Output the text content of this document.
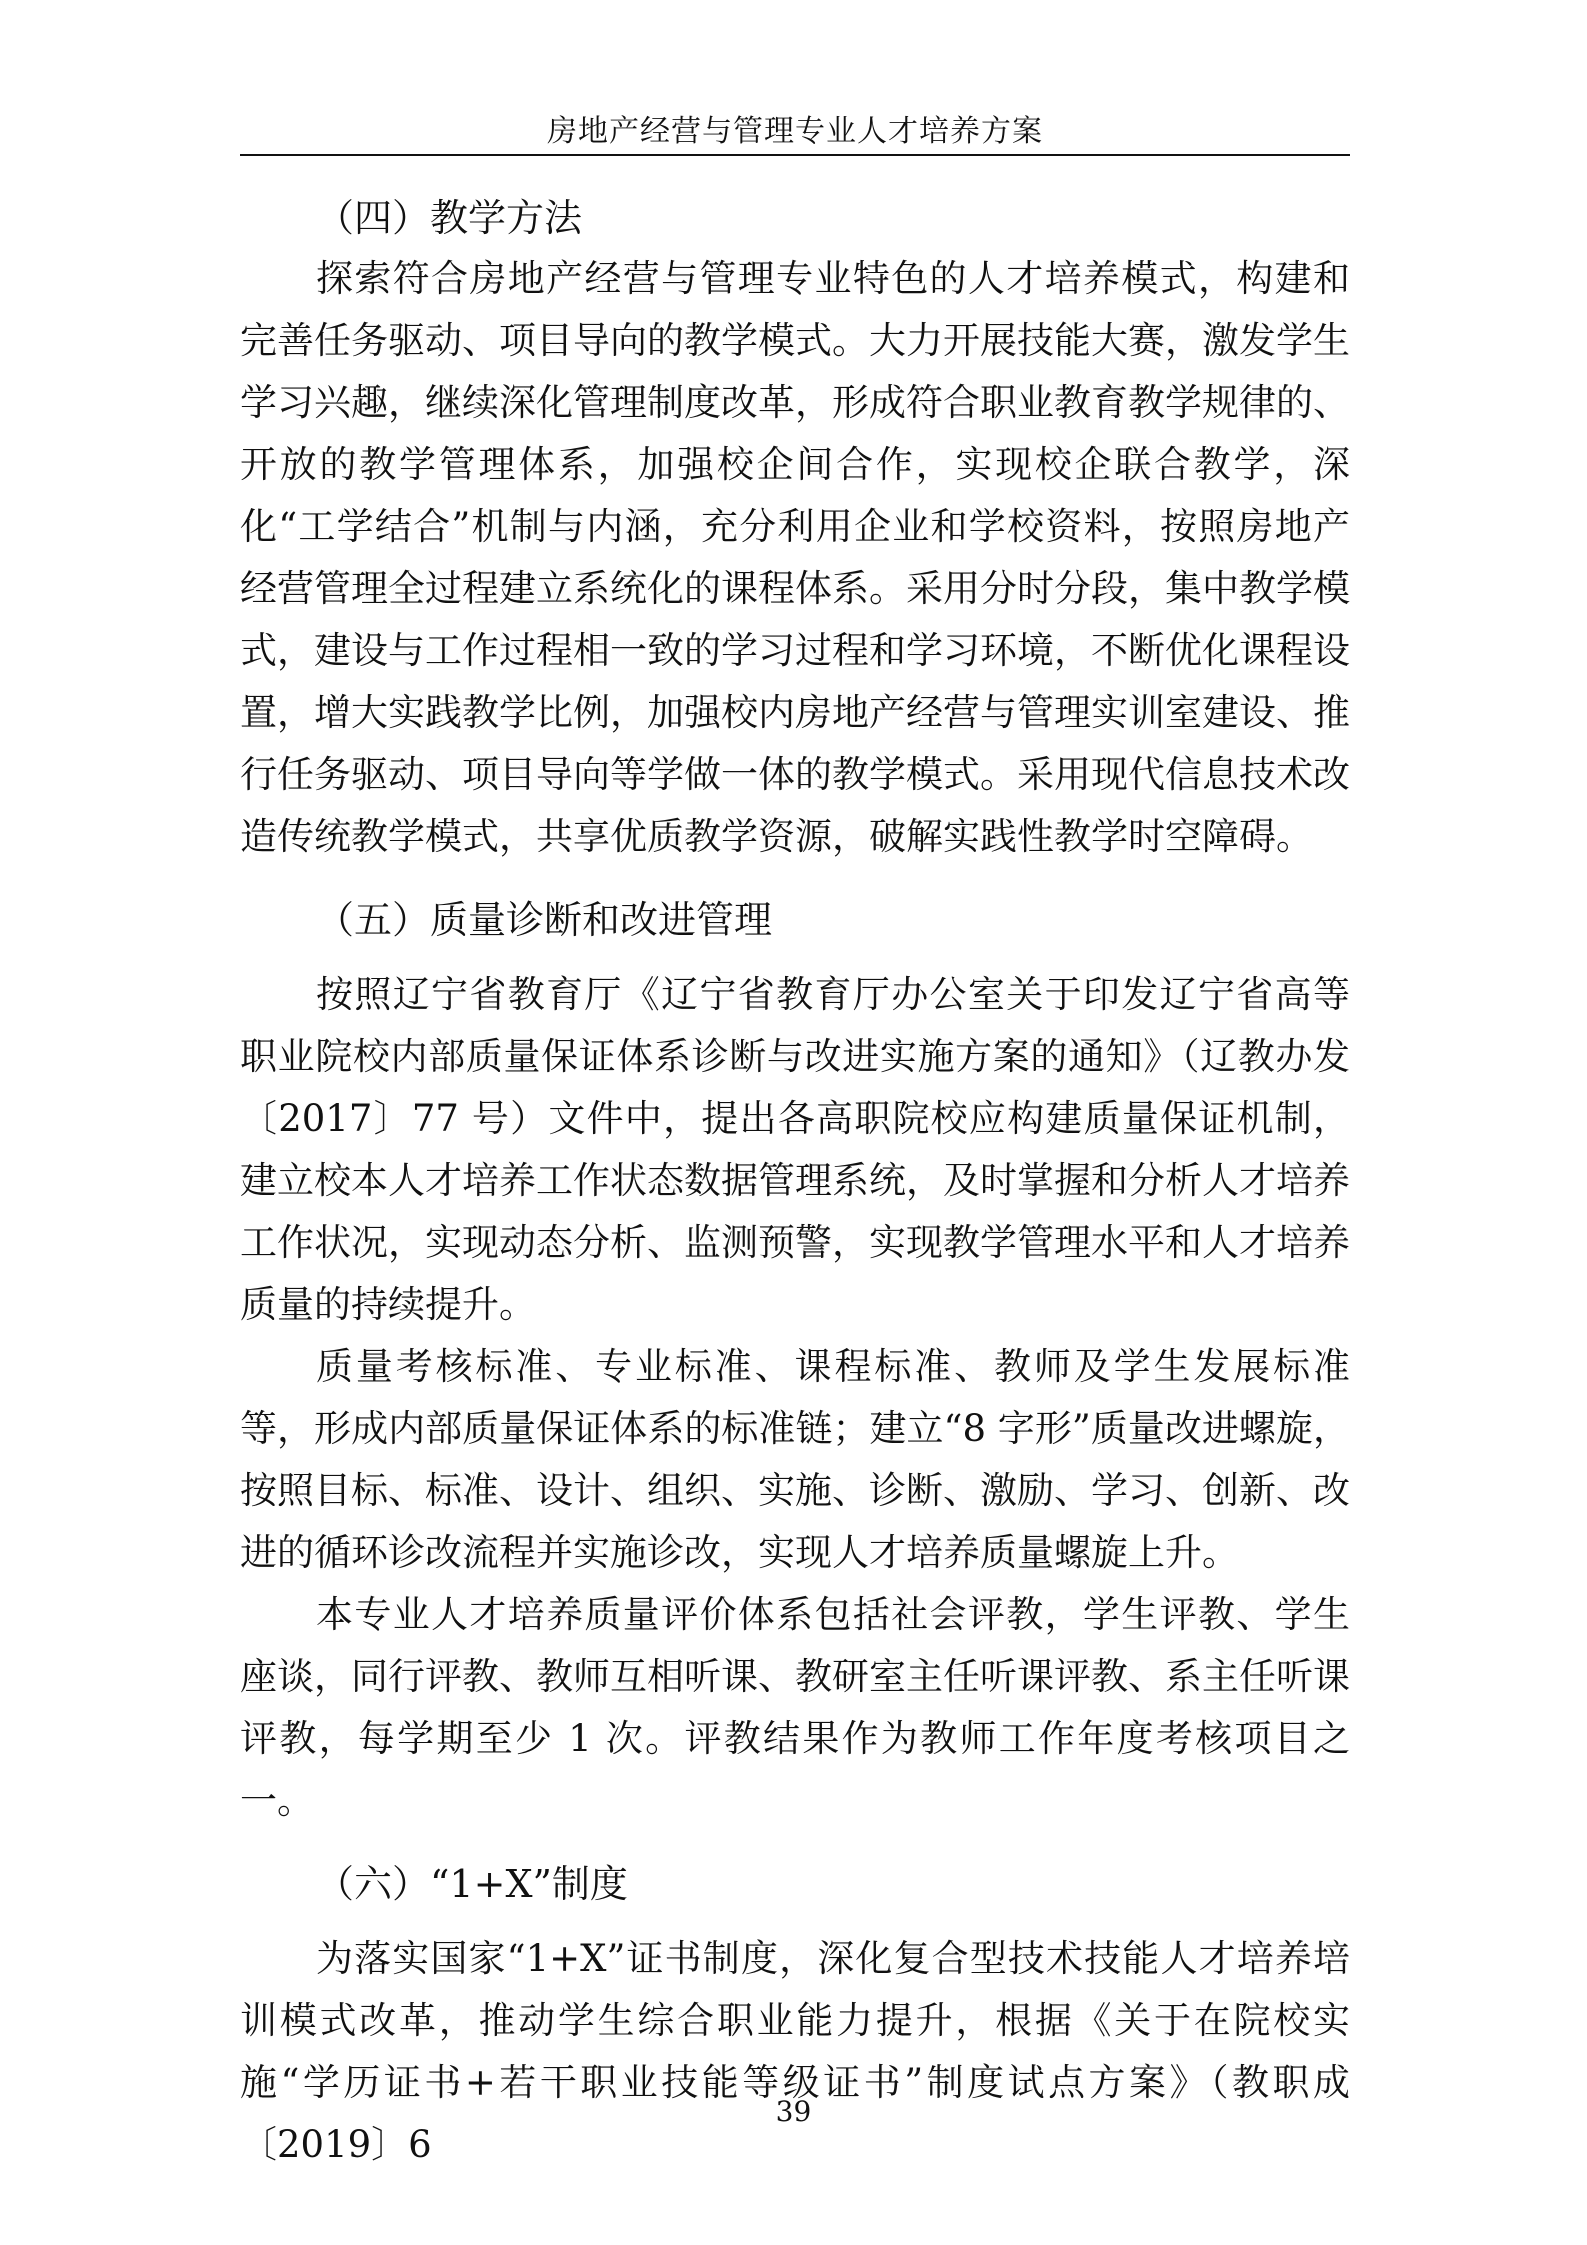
房地产经营与管理专业人才培养方案

（四）教学方法

探索符合房地产经营与管理专业特色的人才培养模式，构建和完善任务驱动、项目导向的教学模式。大力开展技能大赛，激发学生学习兴趣，继续深化管理制度改革，形成符合职业教育教学规律的、开放的教学管理体系，加强校企间合作，实现校企联合教学，深化“工学结合”机制与内涵，充分利用企业和学校资料，按照房地产经营管理全过程建立系统化的课程体系。采用分时分段，集中教学模式，建设与工作过程相一致的学习过程和学习环境，不断优化课程设置，增大实践教学比例，加强校内房地产经营与管理实训室建设、推行任务驱动、项目导向等学做一体的教学模式。采用现代信息技术改造传统教学模式，共享优质教学资源，破解实践性教学时空障碍。

（五）质量诊断和改进管理

按照辽宁省教育厅《辽宁省教育厅办公室关于印发辽宁省高等职业院校内部质量保证体系诊断与改进实施方案的通知》（辽教办发〔2017〕77 号）文件中，提出各高职院校应构建质量保证机制，建立校本人才培养工作状态数据管理系统，及时掌握和分析人才培养工作状况，实现动态分析、监测预警，实现教学管理水平和人才培养质量的持续提升。

质量考核标准、专业标准、课程标准、教师及学生发展标准等，形成内部质量保证体系的标准链；建立“8 字形”质量改进螺旋，按照目标、标准、设计、组织、实施、诊断、激励、学习、创新、改进的循环诊改流程并实施诊改，实现人才培养质量螺旋上升。

本专业人才培养质量评价体系包括社会评教，学生评教、学生座谈，同行评教、教师互相听课、教研室主任听课评教、系主任听课评教，每学期至少 1 次。评教结果作为教师工作年度考核项目之一。

（六）“1+X”制度

为落实国家“1+X”证书制度，深化复合型技术技能人才培养培训模式改革，推动学生综合职业能力提升，根据《关于在院校实施“学历证书+若干职业技能等级证书”制度试点方案》（教职成〔2019〕6

39
